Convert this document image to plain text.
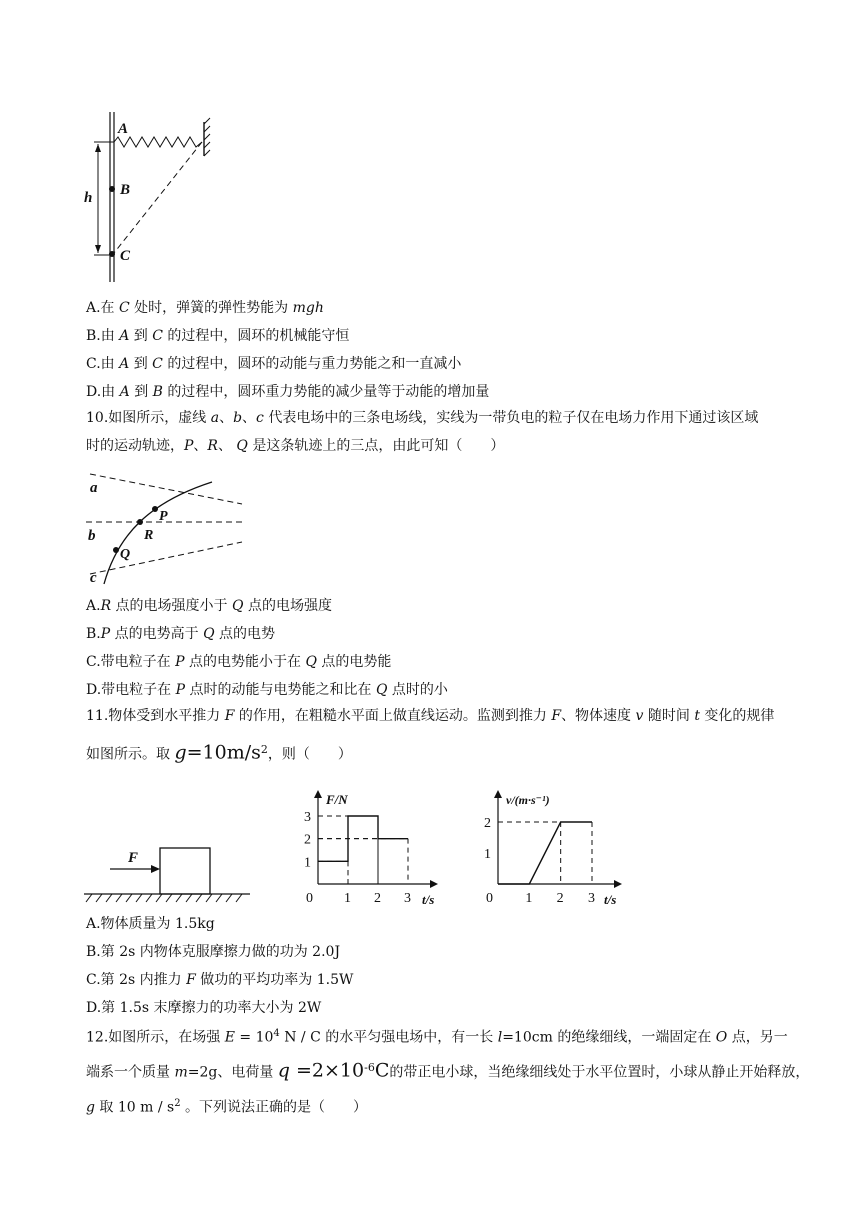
A
B
C
h
A.在 C 处时，弹簧的弹性势能为 mgh
B.由 A 到 C 的过程中，圆环的机械能守恒
C.由 A 到 C 的过程中，圆环的动能与重力势能之和一直减小
D.由 A 到 B 的过程中，圆环重力势能的减少量等于动能的增加量
10.如图所示，虚线 a、b、c 代表电场中的三条电场线，实线为一带负电的粒子仅在电场力作用下通过该区域
时的运动轨迹，P、R、 Q 是这条轨迹上的三点，由此可知（　　）
a
b
c
P
R
Q
A.R 点的电场强度小于 Q 点的电场强度
B.P 点的电势高于 Q 点的电势
C.带电粒子在 P 点的电势能小于在 Q 点的电势能
D.带电粒子在 P 点时的动能与电势能之和比在 Q 点时的小
11.物体受到水平推力 F 的作用，在粗糙水平面上做直线运动。监测到推力 F、物体速度 v 随时间 t 变化的规律
如图所示。取 $g=10m/s^2$，则（　　）
F
0 1 2 3
1
2
3
F/N
t/s	0 1 2 3
1
2
v/(m·s⁻¹)
t/s
A.物体质量为 1.5kg
B.第 2s 内物体克服摩擦力做的功为 2.0J
C.第 2s 内推力 F 做功的平均功率为 1.5W
D.第 1.5s 末摩擦力的功率大小为 2W
12.如图所示，在场强 $E = 10^4$ N / C 的水平匀强电场中，有一长 l=10cm 的绝缘细线，一端固定在 O 点，另一
端系一个质量 m=2g、电荷量 $q =2\times 10^{-6}C$的带正电小球，当绝缘细线处于水平位置时，小球从静止开始释放，
g 取 10 m / $s^2$ 。下列说法正确的是（　　）
